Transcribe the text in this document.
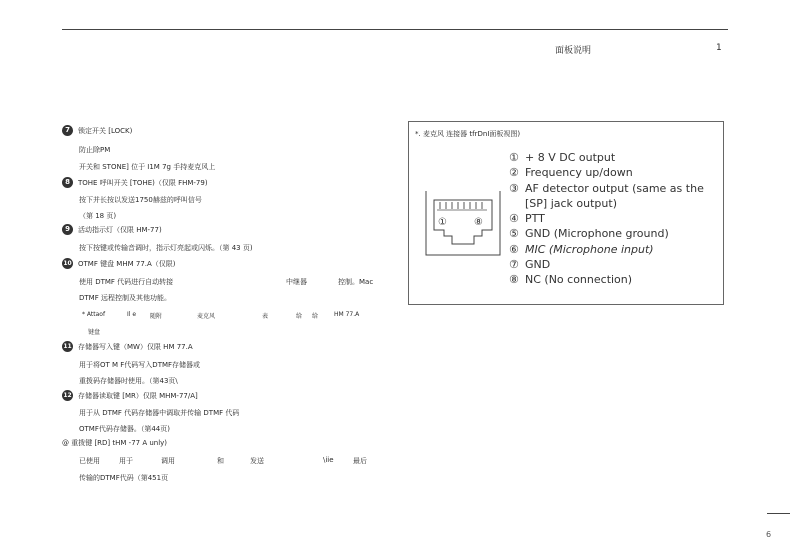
面板说明	1
7	锁定开关 [LOCK)
防止除PM
开关和 STONE] 位于 I1M 7g 手持麦克风上
8	TOHE 呼叫开关 [TOHE)（仅限 FHM-79)
按下并长按以发送1750赫兹的呼叫信号
（第 18 页)
9	活动指示灯（仅限 HM-77)
按下按键或传输音调时，指示灯亮起或闪烁。（第 43 页)
10 OTMF 键盘 MHM 77.A（仅限)
使用 DTMF 代码进行自动转接	中继器	控制。Mac
DTMF 远程控制及其他功能。
* Attaof	Il e 随附	麦克风	表	给 给	HM 77.A
键盘
11 存储器写入键（MW）仅限 HM 77.A
用于将OT M F代码写入DTMF存储器或
重拨码存储器时使用。（第43页\
12 存储器读取键 [MR）仅限 MHM-77/A]
用于从 DTMF 代码存储器中调取并传输 DTMF 代码
OTMF代码存储器。（第44页)
@ 重拨键 [RD] tHM -77 A unly)
已使用	用于	调用	和	发送	\iie	最后
传输的DTMF代码（第451页
*. 麦克风 连接器 tfrDnI面板视图)
①	⑧
① + 8 V DC output
② Frequency up/down
③ AF detector output (same as the
[SP] jack output)
④ PTT
⑤ GND (Microphone ground)
⑥ MIC (Microphone input)
⑦ GND
⑧ NC (No connection)
6
